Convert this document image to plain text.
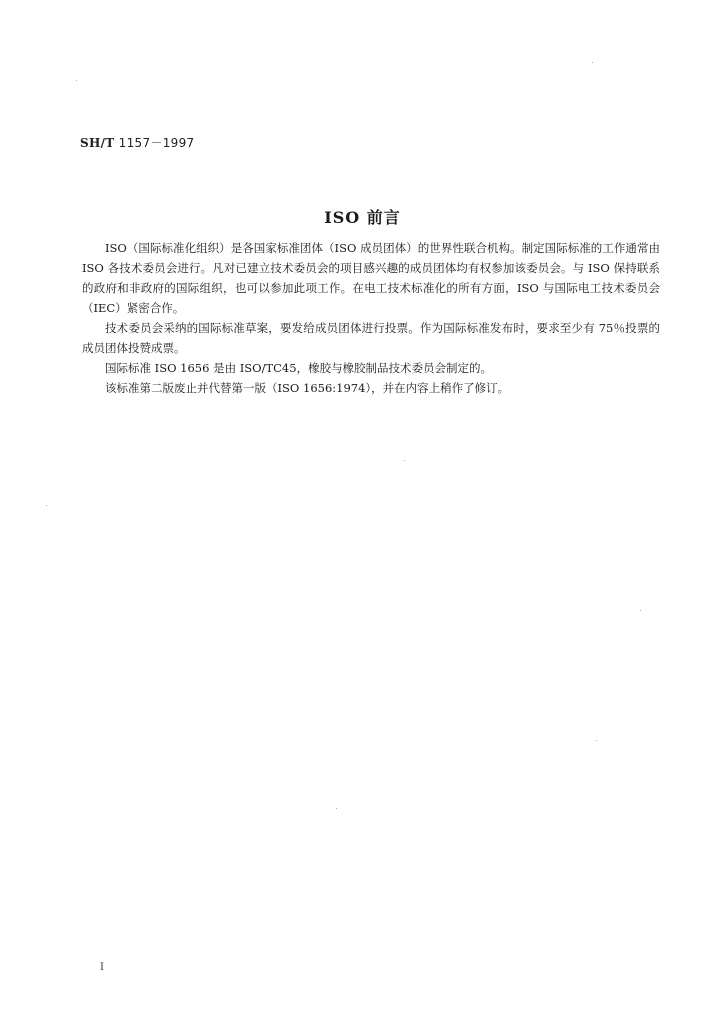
SH/T 1157－1997
ISO 前言

ISO（国际标准化组织）是各国家标准团体（ISO 成员团体）的世界性联合机构。制定国际标准的工作通常由 ISO 各技术委员会进行。凡对已建立技术委员会的项目感兴趣的成员团体均有权参加该委员会。与 ISO 保持联系的政府和非政府的国际组织，也可以参加此项工作。在电工技术标准化的所有方面，ISO 与国际电工技术委员会（IEC）紧密合作。

技术委员会采纳的国际标准草案，要发给成员团体进行投票。作为国际标准发布时，要求至少有 75％投票的成员团体投赞成票。

国际标准 ISO 1656 是由 ISO/TC45，橡胶与橡胶制品技术委员会制定的。

该标准第二版废止并代替第一版（ISO 1656:1974），并在内容上稍作了修订。

Ⅰ
